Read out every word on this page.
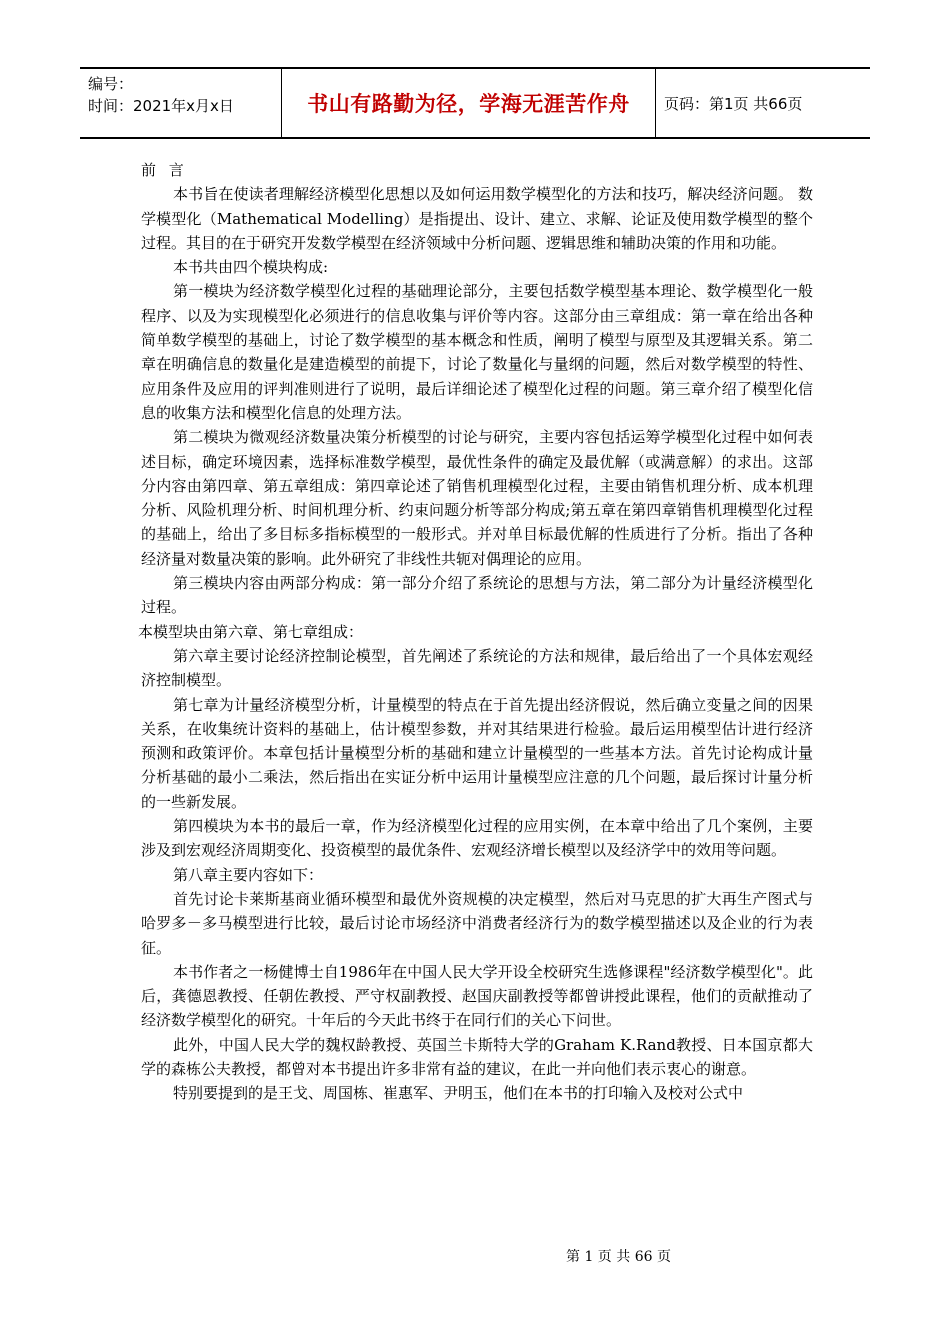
编号：
时间：2021年x月x日	书山有路勤为径，学海无涯苦作舟	页码：第1页 共66页

前 言

本书旨在使读者理解经济模型化思想以及如何运用数学模型化的方法和技巧，解决经济问题。 数学模型化（Mathematical Modelling）是指提出、设计、建立、求解、论证及使用数学模型的整个过程。其目的在于研究开发数学模型在经济领域中分析问题、逻辑思维和辅助决策的作用和功能。

本书共由四个模块构成:

第一模块为经济数学模型化过程的基础理论部分，主要包括数学模型基本理论、数学模型化一般程序、以及为实现模型化必须进行的信息收集与评价等内容。这部分由三章组成：第一章在给出各种简单数学模型的基础上，讨论了数学模型的基本概念和性质，阐明了模型与原型及其逻辑关系。第二章在明确信息的数量化是建造模型的前提下，讨论了数量化与量纲的问题，然后对数学模型的特性、应用条件及应用的评判准则进行了说明，最后详细论述了模型化过程的问题。第三章介绍了模型化信息的收集方法和模型化信息的处理方法。

第二模块为微观经济数量决策分析模型的讨论与研究，主要内容包括运筹学模型化过程中如何表述目标，确定环境因素，选择标准数学模型，最优性条件的确定及最优解（或满意解）的求出。这部分内容由第四章、第五章组成：第四章论述了销售机理模型化过程，主要由销售机理分析、成本机理分析、风险机理分析、时间机理分析、约束问题分析等部分构成;第五章在第四章销售机理模型化过程的基础上，给出了多目标多指标模型的一般形式。并对单目标最优解的性质进行了分析。指出了各种经济量对数量决策的影响。此外研究了非线性共轭对偶理论的应用。

第三模块内容由两部分构成：第一部分介绍了系统论的思想与方法，第二部分为计量经济模型化过程。

本模型块由第六章、第七章组成：

第六章主要讨论经济控制论模型，首先阐述了系统论的方法和规律，最后给出了一个具体宏观经济控制模型。

第七章为计量经济模型分析，计量模型的特点在于首先提出经济假说，然后确立变量之间的因果关系，在收集统计资料的基础上，估计模型参数，并对其结果进行检验。最后运用模型估计进行经济预测和政策评价。本章包括计量模型分析的基础和建立计量模型的一些基本方法。首先讨论构成计量分析基础的最小二乘法，然后指出在实证分析中运用计量模型应注意的几个问题，最后探讨计量分析的一些新发展。

第四模块为本书的最后一章，作为经济模型化过程的应用实例，在本章中给出了几个案例，主要涉及到宏观经济周期变化、投资模型的最优条件、宏观经济增长模型以及经济学中的效用等问题。

第八章主要内容如下：

首先讨论卡莱斯基商业循环模型和最优外资规模的决定模型，然后对马克思的扩大再生产图式与哈罗多－多马模型进行比较，最后讨论市场经济中消费者经济行为的数学模型描述以及企业的行为表征。

本书作者之一杨健博士自1986年在中国人民大学开设全校研究生选修课程"经济数学模型化"。此后，龚德恩教授、任朝佐教授、严守权副教授、赵国庆副教授等都曾讲授此课程，他们的贡献推动了经济数学模型化的研究。十年后的今天此书终于在同行们的关心下问世。

此外，中国人民大学的魏权龄教授、英国兰卡斯特大学的Graham K.Rand教授、日本国京都大学的森栋公夫教授，都曾对本书提出许多非常有益的建议，在此一并向他们表示衷心的谢意。

特别要提到的是王戈、周国栋、崔惠军、尹明玉，他们在本书的打印输入及校对公式中

第 1 页 共 66 页
